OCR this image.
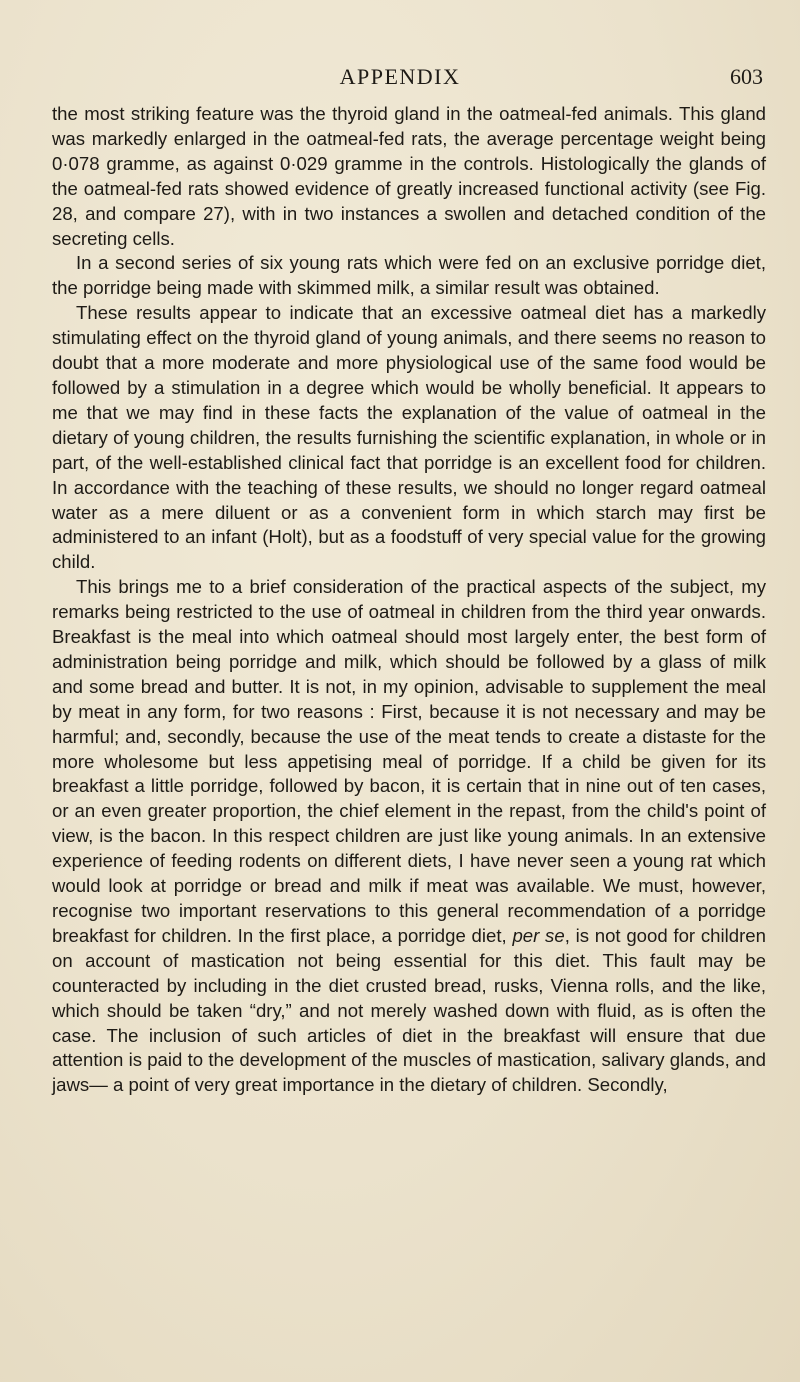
APPENDIX	603

the most striking feature was the thyroid gland in the oatmeal-fed animals. This gland was markedly enlarged in the oatmeal-fed rats, the average percentage weight being 0·078 gramme, as against 0·029 gramme in the controls. Histologically the glands of the oatmeal-fed rats showed evidence of greatly increased functional activity (see Fig. 28, and compare 27), with in two instances a swollen and detached condition of the secreting cells.

In a second series of six young rats which were fed on an exclusive porridge diet, the porridge being made with skimmed milk, a similar result was obtained.

These results appear to indicate that an excessive oatmeal diet has a markedly stimulating effect on the thyroid gland of young animals, and there seems no reason to doubt that a more moderate and more physiological use of the same food would be followed by a stimulation in a degree which would be wholly beneficial. It appears to me that we may find in these facts the explanation of the value of oatmeal in the dietary of young children, the results furnishing the scientific explanation, in whole or in part, of the well-established clinical fact that porridge is an excellent food for children. In accordance with the teaching of these results, we should no longer regard oatmeal water as a mere diluent or as a convenient form in which starch may first be administered to an infant (Holt), but as a foodstuff of very special value for the growing child.

This brings me to a brief consideration of the practical aspects of the subject, my remarks being restricted to the use of oatmeal in children from the third year onwards. Breakfast is the meal into which oatmeal should most largely enter, the best form of administration being porridge and milk, which should be followed by a glass of milk and some bread and butter. It is not, in my opinion, advisable to supplement the meal by meat in any form, for two reasons : First, because it is not necessary and may be harmful; and, secondly, because the use of the meat tends to create a distaste for the more wholesome but less appetising meal of porridge. If a child be given for its breakfast a little porridge, followed by bacon, it is certain that in nine out of ten cases, or an even greater proportion, the chief element in the repast, from the child's point of view, is the bacon. In this respect children are just like young animals. In an extensive experience of feeding rodents on different diets, I have never seen a young rat which would look at porridge or bread and milk if meat was available. We must, however, recognise two important reservations to this general recommendation of a porridge breakfast for children. In the first place, a porridge diet, per se, is not good for children on account of mastication not being essential for this diet. This fault may be counteracted by including in the diet crusted bread, rusks, Vienna rolls, and the like, which should be taken “dry,” and not merely washed down with fluid, as is often the case. The inclusion of such articles of diet in the breakfast will ensure that due attention is paid to the development of the muscles of mastication, salivary glands, and jaws— a point of very great importance in the dietary of children. Secondly,
